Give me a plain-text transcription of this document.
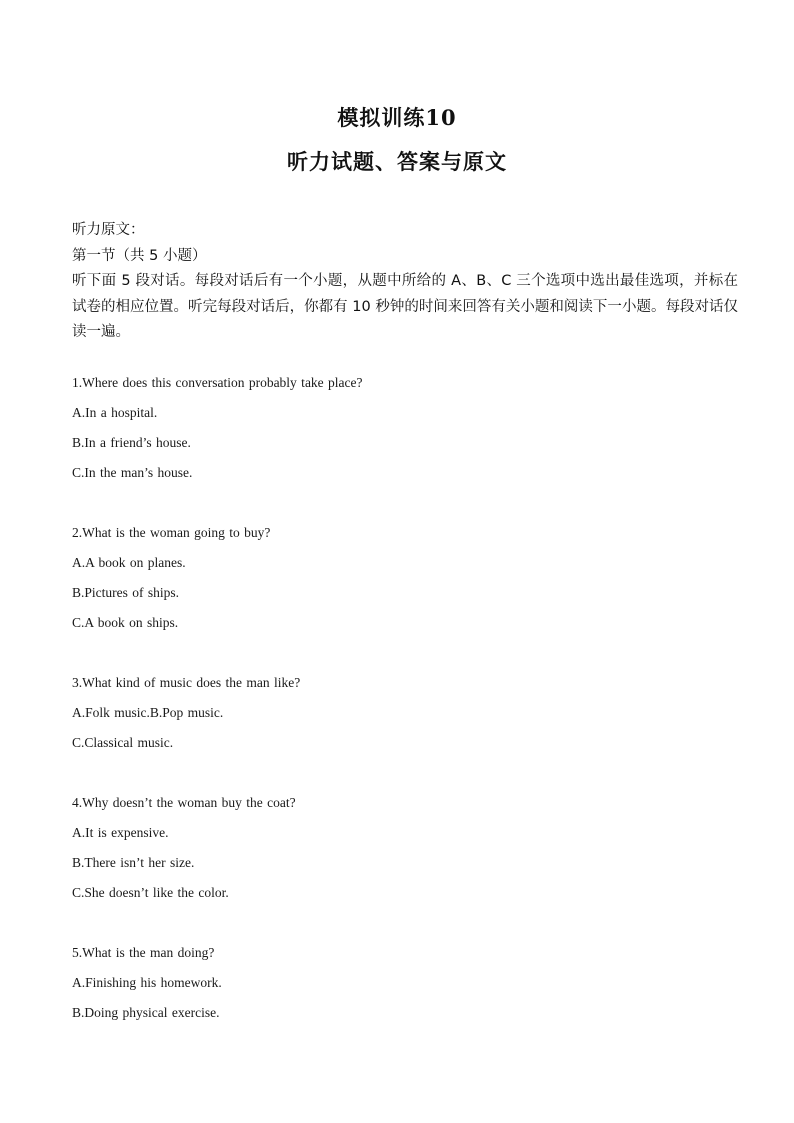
模拟训练10
听力试题、答案与原文
听力原文：
第一节（共 5 小题）
听下面 5 段对话。每段对话后有一个小题，从题中所给的 A、B、C 三个选项中选出最佳选项，并标在试卷的相应位置。听完每段对话后，你都有 10 秒钟的时间来回答有关小题和阅读下一小题。每段对话仅读一遍。
1.Where does this conversation probably take place?
A.In a hospital.
B.In a friend’s house.
C.In the man’s house.
2.What is the woman going to buy?
A.A book on planes.
B.Pictures of ships.
C.A book on ships.
3.What kind of music does the man like?
A.Folk music.B.Pop music.
C.Classical music.
4.Why doesn’t the woman buy the coat?
A.It is expensive.
B.There isn’t her size.
C.She doesn’t like the color.
5.What is the man doing?
A.Finishing his homework.
B.Doing physical exercise.
